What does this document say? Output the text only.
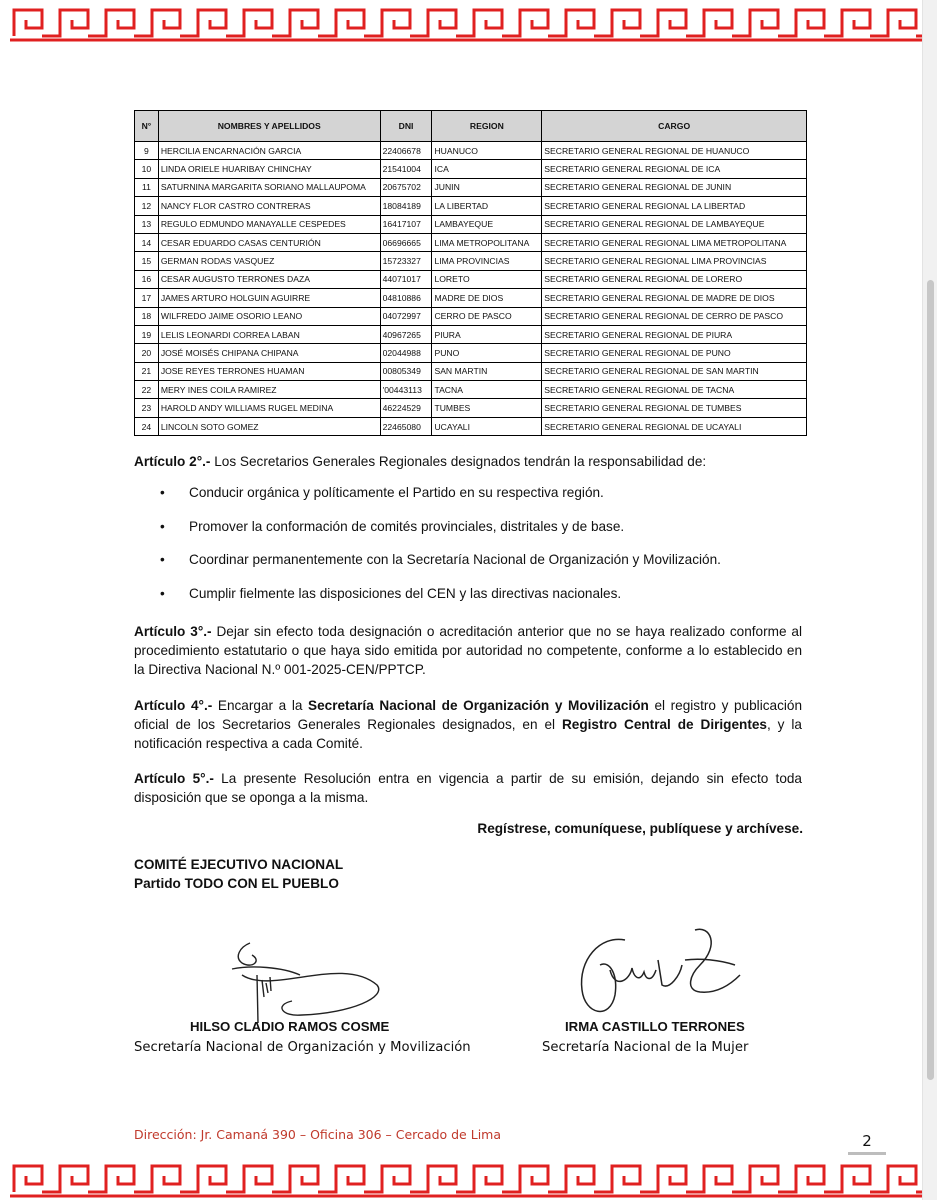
N°	NOMBRES Y APELLIDOS	DNI	REGION	CARGO
9	HERCILIA ENCARNACIÓN GARCIA	22406678	HUANUCO	SECRETARIO GENERAL REGIONAL DE HUANUCO
10	LINDA ORIELE HUARIBAY CHINCHAY	21541004	ICA	SECRETARIO GENERAL REGIONAL DE ICA
11	SATURNINA MARGARITA SORIANO MALLAUPOMA	20675702	JUNIN	SECRETARIO GENERAL REGIONAL DE JUNIN
12	NANCY FLOR CASTRO CONTRERAS	18084189	LA LIBERTAD	SECRETARIO GENERAL REGIONAL LA LIBERTAD
13	REGULO EDMUNDO MANAYALLE CESPEDES	16417107	LAMBAYEQUE	SECRETARIO GENERAL REGIONAL DE LAMBAYEQUE
14	CESAR EDUARDO CASAS CENTURIÓN	06696665	LIMA METROPOLITANA	SECRETARIO GENERAL REGIONAL LIMA METROPOLITANA
15	GERMAN RODAS VASQUEZ	15723327	LIMA PROVINCIAS	SECRETARIO GENERAL REGIONAL LIMA PROVINCIAS
16	CESAR AUGUSTO TERRONES DAZA	44071017	LORETO	SECRETARIO GENERAL REGIONAL DE LORERO
17	JAMES ARTURO HOLGUIN AGUIRRE	04810886	MADRE DE DIOS	SECRETARIO GENERAL REGIONAL DE MADRE DE DIOS
18	WILFREDO JAIME OSORIO LEANO	04072997	CERRO DE PASCO	SECRETARIO GENERAL REGIONAL DE CERRO DE PASCO
19	LELIS LEONARDI CORREA LABAN	40967265	PIURA	SECRETARIO GENERAL REGIONAL DE PIURA
20	JOSÉ MOISÉS CHIPANA CHIPANA	02044988	PUNO	SECRETARIO GENERAL REGIONAL DE PUNO
21	JOSE REYES TERRONES HUAMAN	00805349	SAN MARTIN	SECRETARIO GENERAL REGIONAL DE SAN MARTIN
22	MERY INES COILA RAMIREZ	'00443113	TACNA	SECRETARIO GENERAL REGIONAL DE TACNA
23	HAROLD ANDY WILLIAMS RUGEL MEDINA	46224529	TUMBES	SECRETARIO GENERAL REGIONAL DE TUMBES
24	LINCOLN SOTO GOMEZ	22465080	UCAYALI	SECRETARIO GENERAL REGIONAL DE UCAYALI
Artículo 2°.- Los Secretarios Generales Regionales designados tendrán la responsabilidad de:
• Conducir orgánica y políticamente el Partido en su respectiva región.
• Promover la conformación de comités provinciales, distritales y de base.
• Coordinar permanentemente con la Secretaría Nacional de Organización y Movilización.
• Cumplir fielmente las disposiciones del CEN y las directivas nacionales.
Artículo 3°.- Dejar sin efecto toda designación o acreditación anterior que no se haya realizado conforme al procedimiento estatutario o que haya sido emitida por autoridad no competente, conforme a lo establecido en la Directiva Nacional N.º 001-2025-CEN/PPTCP.
Artículo 4°.- Encargar a la Secretaría Nacional de Organización y Movilización el registro y publicación oficial de los Secretarios Generales Regionales designados, en el Registro Central de Dirigentes, y la notificación respectiva a cada Comité.
Artículo 5°.- La presente Resolución entra en vigencia a partir de su emisión, dejando sin efecto toda disposición que se oponga a la misma.
Regístrese, comuníquese, publíquese y archívese.
COMITÉ EJECUTIVO NACIONAL
Partido TODO CON EL PUEBLO
HILSO CLADIO RAMOS COSME
Secretaría Nacional de Organización y Movilización
IRMA CASTILLO TERRONES
Secretaría Nacional de la Mujer
Dirección: Jr. Camaná 390 – Oficina 306 – Cercado de Lima	2
